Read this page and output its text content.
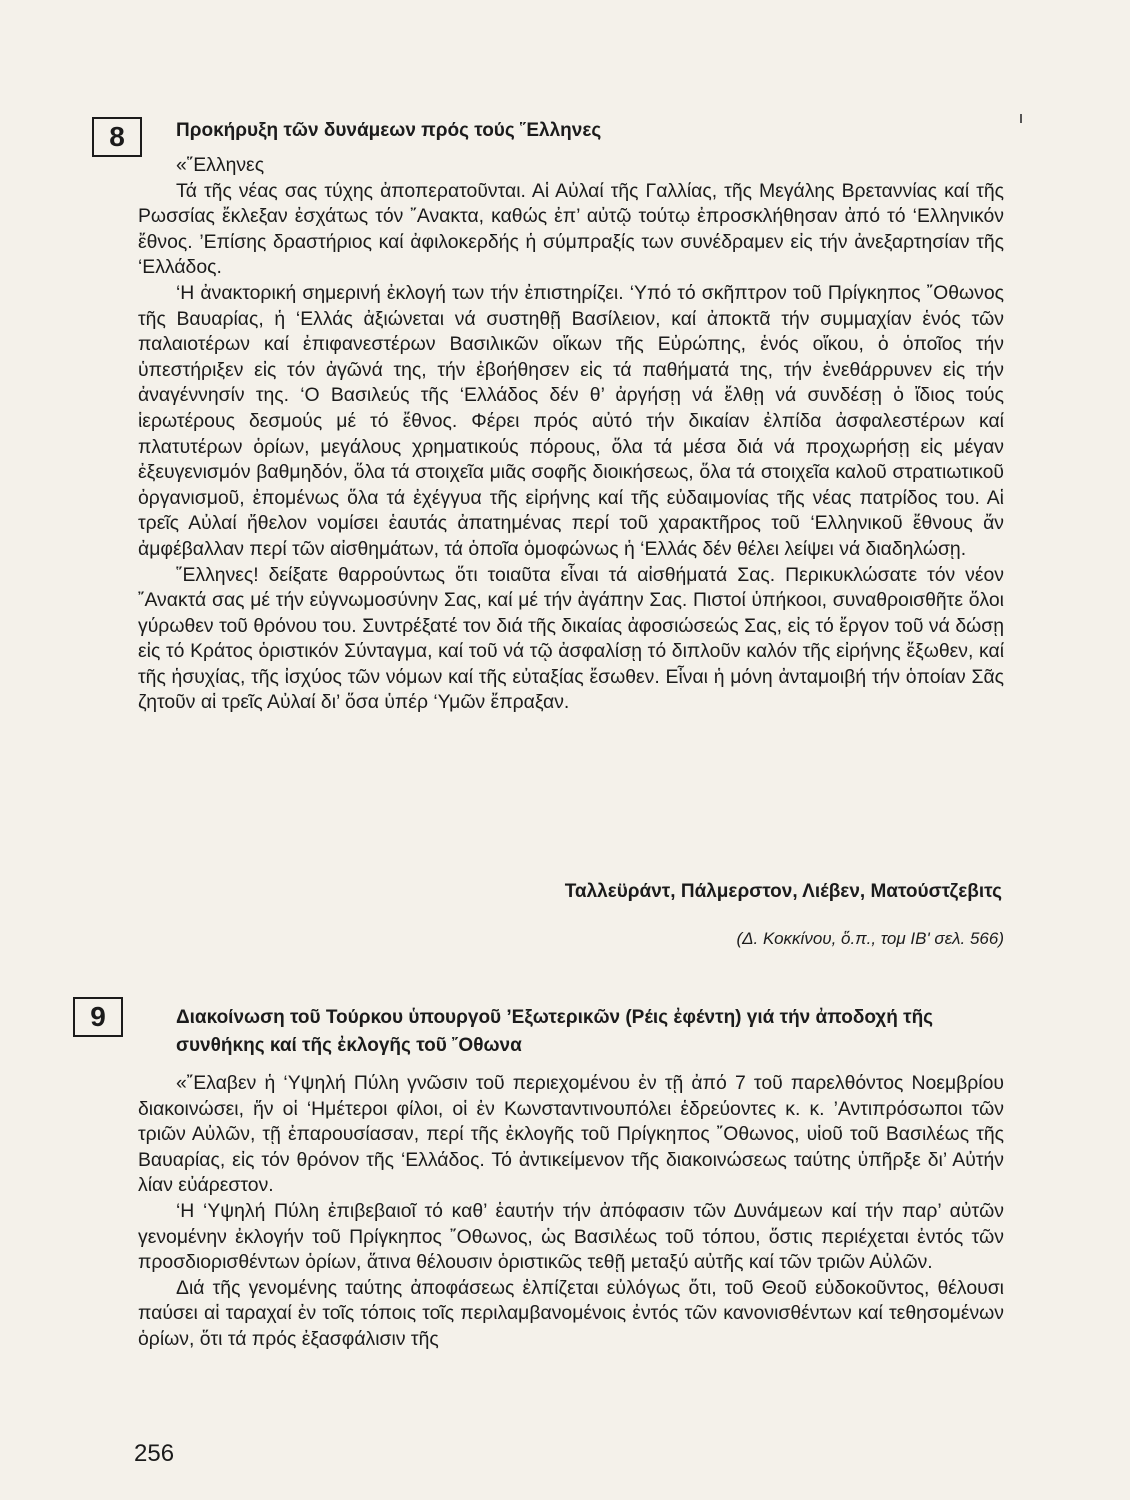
8	Προκήρυξη τῶν δυνάμεων πρός τούς ῞Ελληνες

«῞Ελληνες

Τά τῆς νέας σας τύχης ἀποπερατοῦνται. Αἱ Αὐλαί τῆς Γαλλίας, τῆς Μεγάλης Βρεταννίας καί τῆς Ρωσσίας ἔκλεξαν ἐσχάτως τόν ῎Ανακτα, καθώς ἐπ’ αὐτῷ τούτῳ ἐπροσκλήθησαν ἀπό τό ‘Ελληνικόν ἔθνος. ’Επίσης δραστήριος καί ἀφιλοκερδής ἡ σύμπραξίς των συνέδραμεν εἰς τήν ἀνεξαρτησίαν τῆς ‘Ελλάδος.

‘Η ἀνακτορική σημερινή ἐκλογή των τήν ἐπιστηρίζει. ‘Υπό τό σκῆπτρον τοῦ Πρίγκηπος ῎Οθωνος τῆς Βαυαρίας, ἡ ‘Ελλάς ἀξιώνεται νά συστηθῇ Βασίλειον, καί ἀποκτᾶ τήν συμμαχίαν ἑνός τῶν παλαιοτέρων καί ἐπιφανεστέρων Βασιλικῶν οἴκων τῆς Εὐρώπης, ἑνός οἴκου, ὁ ὁποῖος τήν ὑπεστήριξεν εἰς τόν ἀγῶνά της, τήν ἐβοήθησεν εἰς τά παθήματά της, τήν ἐνεθάρρυνεν εἰς τήν ἀναγέννησίν της. ‘Ο Βασιλεύς τῆς ‘Ελλάδος δέν θ’ ἀργήσῃ νά ἔλθῃ νά συνδέσῃ ὁ ἴδιος τούς ἱερωτέρους δεσμούς μέ τό ἔθνος. Φέρει πρός αὐτό τήν δικαίαν ἐλπίδα ἀσφαλεστέρων καί πλατυτέρων ὁρίων, μεγάλους χρηματικούς πόρους, ὅλα τά μέσα διά νά προχωρήσῃ εἰς μέγαν ἐξευγενισμόν βαθμηδόν, ὅλα τά στοιχεῖα μιᾶς σοφῆς διοικήσεως, ὅλα τά στοιχεῖα καλοῦ στρατιωτικοῦ ὀργανισμοῦ, ἐπομένως ὅλα τά ἐχέγγυα τῆς εἰρήνης καί τῆς εὐδαιμονίας τῆς νέας πατρίδος του. Αἱ τρεῖς Αὐλαί ἤθελον νομίσει ἑαυτάς ἀπατημένας περί τοῦ χαρακτῆρος τοῦ ‘Ελληνικοῦ ἔθνους ἄν ἀμφέβαλλαν περί τῶν αἰσθημάτων, τά ὁποῖα ὁμοφώνως ἡ ‘Ελλάς δέν θέλει λείψει νά διαδηλώσῃ.

῞Ελληνες! δείξατε θαρρούντως ὅτι τοιαῦτα εἶναι τά αἰσθήματά Σας. Περικυκλώσατε τόν νέον ῎Ανακτά σας μέ τήν εὐγνωμοσύνην Σας, καί μέ τήν ἀγάπην Σας. Πιστοί ὑπήκοοι, συναθροισθῆτε ὅλοι γύρωθεν τοῦ θρόνου του. Συντρέξατέ τον διά τῆς δικαίας ἀφοσιώσεώς Σας, εἰς τό ἔργον τοῦ νά δώσῃ εἰς τό Κράτος ὁριστικόν Σύνταγμα, καί τοῦ νά τῷ ἀσφαλίσῃ τό διπλοῦν καλόν τῆς εἰρήνης ἔξωθεν, καί τῆς ἡσυχίας, τῆς ἰσχύος τῶν νόμων καί τῆς εὐταξίας ἔσωθεν. Εἶναι ἡ μόνη ἀνταμοιβή τήν ὁποίαν Σᾶς ζητοῦν αἱ τρεῖς Αὐλαί δι’ ὅσα ὑπέρ ‘Υμῶν ἔπραξαν.

Ταλλεϋράντ, Πάλμερστον, Λιέβεν, Ματούστζεβιτς
(Δ. Κοκκίνου, ὅ.π., τομ ΙΒ' σελ. 566)
9	Διακοίνωση τοῦ Τούρκου ὑπουργοῦ ’Εξωτερικῶν (Ρέις ἐφέντη) γιά τήν ἀποδοχή τῆς συνθήκης καί τῆς ἐκλογῆς τοῦ ῎Οθωνα

«῎Ελαβεν ἡ ‘Υψηλή Πύλη γνῶσιν τοῦ περιεχομένου ἐν τῇ ἀπό 7 τοῦ παρελθόντος Νοεμβρίου διακοινώσει, ἥν οἱ ‘Ημέτεροι φίλοι, οἱ ἐν Κωνσταντινουπόλει ἑδρεύοντες κ. κ. ’Αντιπρόσωποι τῶν τριῶν Αὐλῶν, τῇ ἐπαρουσίασαν, περί τῆς ἐκλογῆς τοῦ Πρίγκηπος ῎Οθωνος, υἱοῦ τοῦ Βασιλέως τῆς Βαυαρίας, εἰς τόν θρόνον τῆς ‘Ελλάδος. Τό ἀντικείμενον τῆς διακοινώσεως ταύτης ὑπῆρξε δι’ Αὐτήν λίαν εὐάρεστον.

‘Η ‘Υψηλή Πύλη ἐπιβεβαιοῖ τό καθ’ ἑαυτήν τήν ἀπόφασιν τῶν Δυνάμεων καί τήν παρ’ αὐτῶν γενομένην ἐκλογήν τοῦ Πρίγκηπος ῎Οθωνος, ὡς Βασιλέως τοῦ τόπου, ὅστις περιέχεται ἐντός τῶν προσδιορισθέντων ὁρίων, ἅτινα θέλουσιν ὁριστικῶς τεθῇ μεταξύ αὐτῆς καί τῶν τριῶν Αὐλῶν.

Διά τῆς γενομένης ταύτης ἀποφάσεως ἐλπίζεται εὐλόγως ὅτι, τοῦ Θεοῦ εὐδοκοῦντος, θέλουσι παύσει αἱ ταραχαί ἐν τοῖς τόποις τοῖς περιλαμβανομένοις ἐντός τῶν κανονισθέντων καί τεθησομένων ὁρίων, ὅτι τά πρός ἐξασφάλισιν τῆς

256
